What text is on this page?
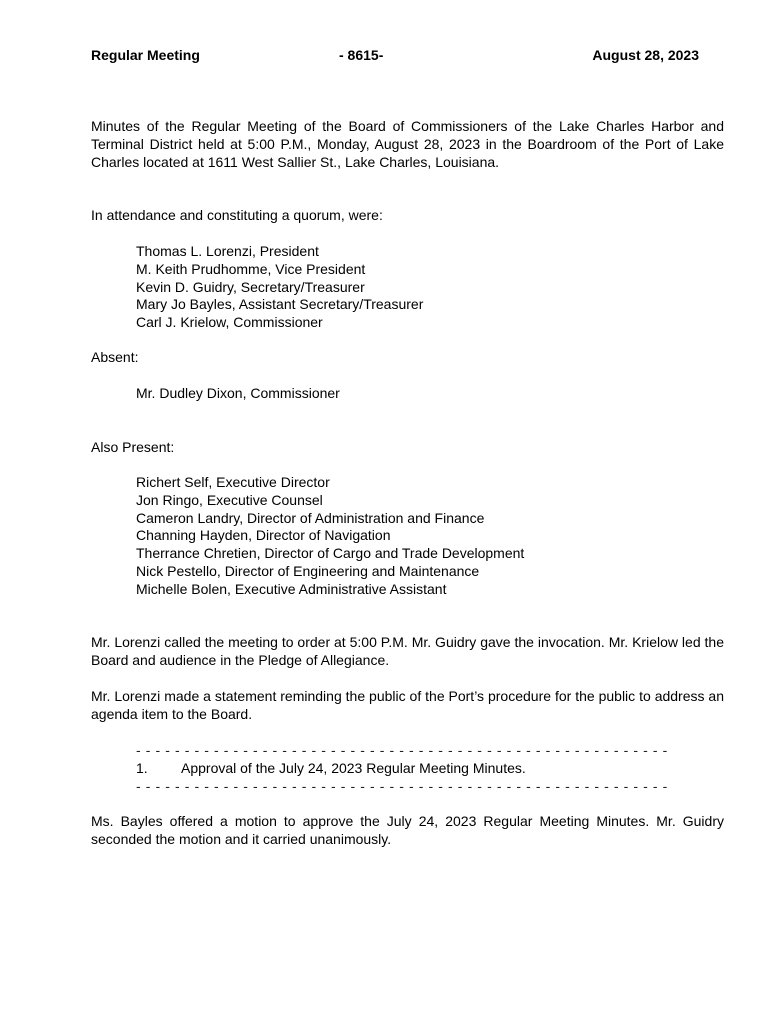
Regular Meeting	- 8615-	August 28, 2023

Minutes of the Regular Meeting of the Board of Commissioners of the Lake Charles Harbor and Terminal District held at 5:00 P.M., Monday, August 28, 2023 in the Boardroom of the Port of Lake Charles located at 1611 West Sallier St., Lake Charles, Louisiana.

In attendance and constituting a quorum, were:

Thomas L. Lorenzi, President
M. Keith Prudhomme, Vice President
Kevin D. Guidry, Secretary/Treasurer
Mary Jo Bayles, Assistant Secretary/Treasurer
Carl J. Krielow, Commissioner

Absent:

Mr. Dudley Dixon, Commissioner

Also Present:

Richert Self, Executive Director
Jon Ringo, Executive Counsel
Cameron Landry, Director of Administration and Finance
Channing Hayden, Director of Navigation
Therrance Chretien, Director of Cargo and Trade Development
Nick Pestello, Director of Engineering and Maintenance
Michelle Bolen, Executive Administrative Assistant

Mr. Lorenzi called the meeting to order at 5:00 P.M. Mr. Guidry gave the invocation. Mr. Krielow led the Board and audience in the Pledge of Allegiance.

Mr. Lorenzi made a statement reminding the public of the Port’s procedure for the public to address an agenda item to the Board.

- - - - - - - - - - - - - - - - - - - - - - - - - - - - - - - - - - - - - - - - - - - - - - - - - - - - - - -
1. Approval of the July 24, 2023 Regular Meeting Minutes.
- - - - - - - - - - - - - - - - - - - - - - - - - - - - - - - - - - - - - - - - - - - - - - - - - - - - - - -

Ms. Bayles offered a motion to approve the July 24, 2023 Regular Meeting Minutes. Mr. Guidry seconded the motion and it carried unanimously.
